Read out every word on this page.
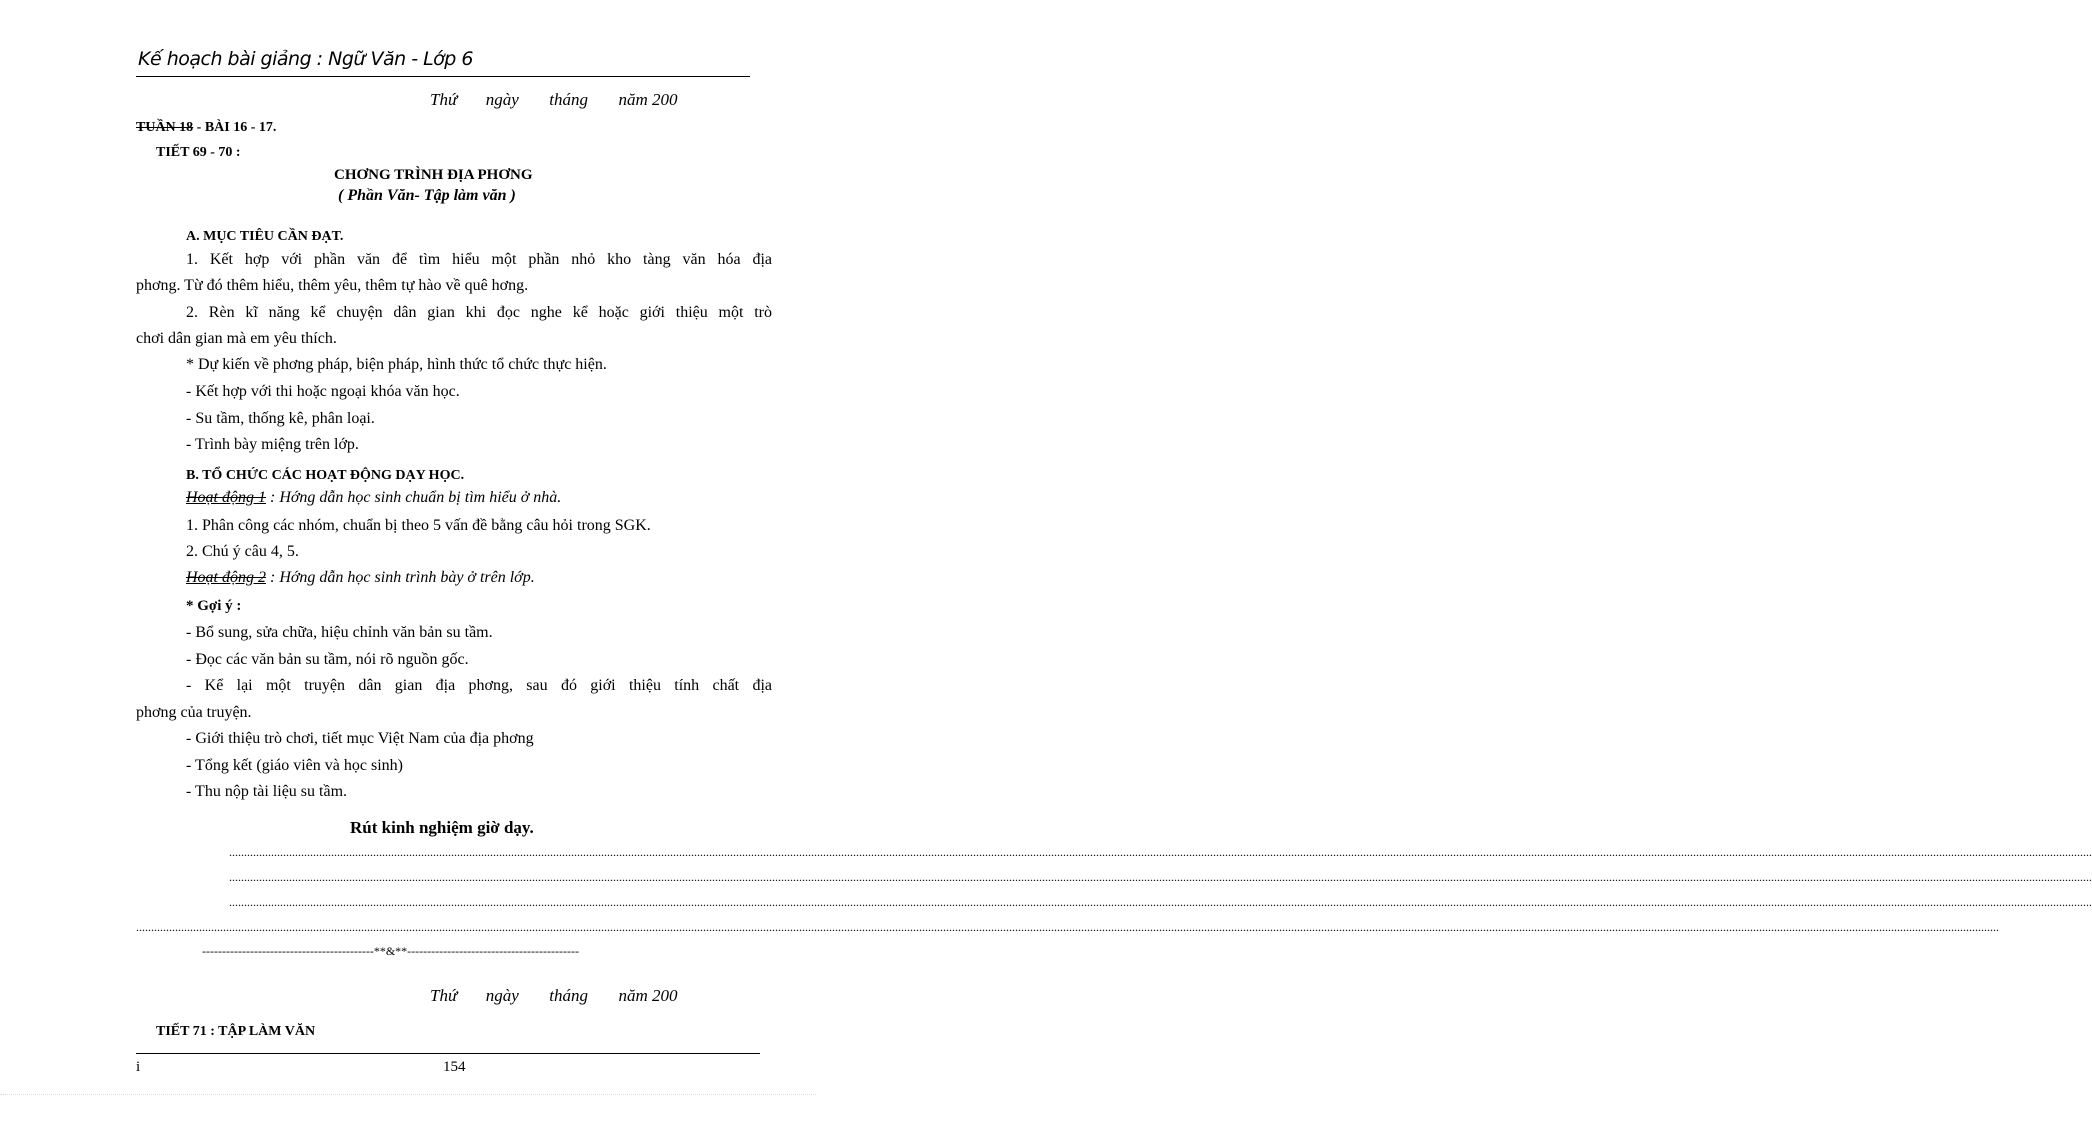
Kế hoạch bài giảng : Ngữ Văn - Lớp 6
Thứ ngày tháng năm 200
TUẦN 18 - BÀI 16 - 17.
TIẾT 69 - 70 :
CHƠNG TRÌNH ĐỊA PHƠNG
( Phần Văn- Tập làm văn )
A. MỤC TIÊU CẦN ĐẠT.
1. Kết hợp với phần văn để tìm hiểu một phần nhỏ kho tàng văn hóa địa
phơng. Từ đó thêm hiểu, thêm yêu, thêm tự hào về quê hơng.
2. Rèn kĩ năng kể chuyện dân gian khi đọc nghe kể hoặc giới thiệu một trò
chơi dân gian mà em yêu thích.
* Dự kiến về phơng pháp, biện pháp, hình thức tổ chức thực hiện.
- Kết hợp với thi hoặc ngoại khóa văn học.
- Su tầm, thống kê, phân loại.
- Trình bày miệng trên lớp.
B. TỔ CHỨC CÁC HOẠT ĐỘNG DẠY HỌC.
Hoạt động 1 : Hớng dẫn học sinh chuẩn bị tìm hiểu ở nhà.
1. Phân công các nhóm, chuẩn bị theo 5 vấn đề bằng câu hỏi trong SGK.
2. Chú ý câu 4, 5.
Hoạt động 2 : Hớng dẫn học sinh trình bày ở trên lớp.
* Gợi ý :
- Bổ sung, sửa chữa, hiệu chỉnh văn bản su tầm.
- Đọc các văn bản su tầm, nói rõ nguồn gốc.
- Kể lại một truyện dân gian địa phơng, sau đó giới thiệu tính chất địa
phơng của truyện.
- Giới thiệu trò chơi, tiết mục Việt Nam của địa phơng
- Tổng kết (giáo viên và học sinh)
- Thu nộp tài liệu su tầm.
Rút kinh nghiệm giờ dạy.
.............................................................................................................................................................................................................................................................................................................................................................................................................................................................................................................................................................................................................................................
.............................................................................................................................................................................................................................................................................................................................................................................................................................................................................................................................................................................................................................................
.............................................................................................................................................................................................................................................................................................................................................................................................................................................................................................................................................................................................................................................
.............................................................................................................................................................................................................................................................................................................................................................................................................................................................................................................................................................................................................................................
-------------------------------------------**&**-------------------------------------------
Thứ ngày tháng năm 200
TIẾT 71 : TẬP LÀM VĂN
i	154
